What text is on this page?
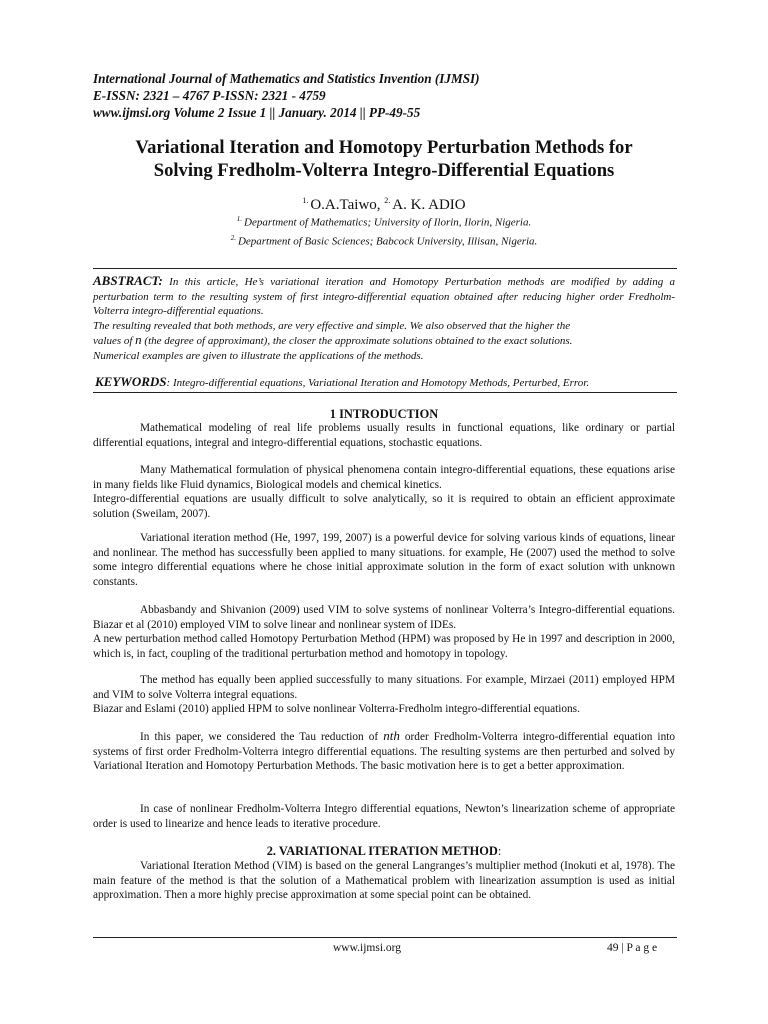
International Journal of Mathematics and Statistics Invention (IJMSI)
E-ISSN: 2321 – 4767 P-ISSN: 2321 - 4759
www.ijmsi.org Volume 2 Issue 1 || January. 2014 || PP-49-55
Variational Iteration and Homotopy Perturbation Methods for
Solving Fredholm-Volterra Integro-Differential Equations
$^{1.}$ O.A.Taiwo, $^{2.}$ A. K. ADIO
$^{1.}$ Department of Mathematics; University of Ilorin, Ilorin, Nigeria.
$^{2.}$ Department of Basic Sciences; Babcock University, Illisan, Nigeria.
ABSTRACT: In this article, He’s variational iteration and Homotopy Perturbation methods are modified by adding a perturbation term to the resulting system of first integro-differential equation obtained after reducing higher order Fredholm-Volterra integro-differential equations.
The resulting revealed that both methods, are very effective and simple. We also observed that the higher the
values of n (the degree of approximant), the closer the approximate solutions obtained to the exact solutions.
Numerical examples are given to illustrate the applications of the methods.
KEYWORDS: Integro-differential equations, Variational Iteration and Homotopy Methods, Perturbed, Error.
1 INTRODUCTION

Mathematical modeling of real life problems usually results in functional equations, like ordinary or partial differential equations, integral and integro-differential equations, stochastic equations.

Many Mathematical formulation of physical phenomena contain integro-differential equations, these equations arise in many fields like Fluid dynamics, Biological models and chemical kinetics.

Integro-differential equations are usually difficult to solve analytically, so it is required to obtain an efficient approximate solution (Sweilam, 2007).

Variational iteration method (He, 1997, 199, 2007) is a powerful device for solving various kinds of equations, linear and nonlinear. The method has successfully been applied to many situations. for example, He (2007) used the method to solve some integro differential equations where he chose initial approximate solution in the form of exact solution with unknown constants.

Abbasbandy and Shivanion (2009) used VIM to solve systems of nonlinear Volterra’s Integro-differential equations. Biazar et al (2010) employed VIM to solve linear and nonlinear system of IDEs.

A new perturbation method called Homotopy Perturbation Method (HPM) was proposed by He in 1997 and description in 2000, which is, in fact, coupling of the traditional perturbation method and homotopy in topology.

The method has equally been applied successfully to many situations. For example, Mirzaei (2011) employed HPM and VIM to solve Volterra integral equations.

Biazar and Eslami (2010) applied HPM to solve nonlinear Volterra-Fredholm integro-differential equations.

In this paper, we considered the Tau reduction of nth order Fredholm-Volterra integro-differential equation into systems of first order Fredholm-Volterra integro differential equations. The resulting systems are then perturbed and solved by Variational Iteration and Homotopy Perturbation Methods. The basic motivation here is to get a better approximation.

In case of nonlinear Fredholm-Volterra Integro differential equations, Newton’s linearization scheme of appropriate order is used to linearize and hence leads to iterative procedure.

2. VARIATIONAL ITERATION METHOD:

Variational Iteration Method (VIM) is based on the general Langranges’s multiplier method (Inokuti et al, 1978). The main feature of the method is that the solution of a Mathematical problem with linearization assumption is used as initial approximation. Then a more highly precise approximation at some special point can be obtained.

www.ijmsi.org	49 | P a g e
